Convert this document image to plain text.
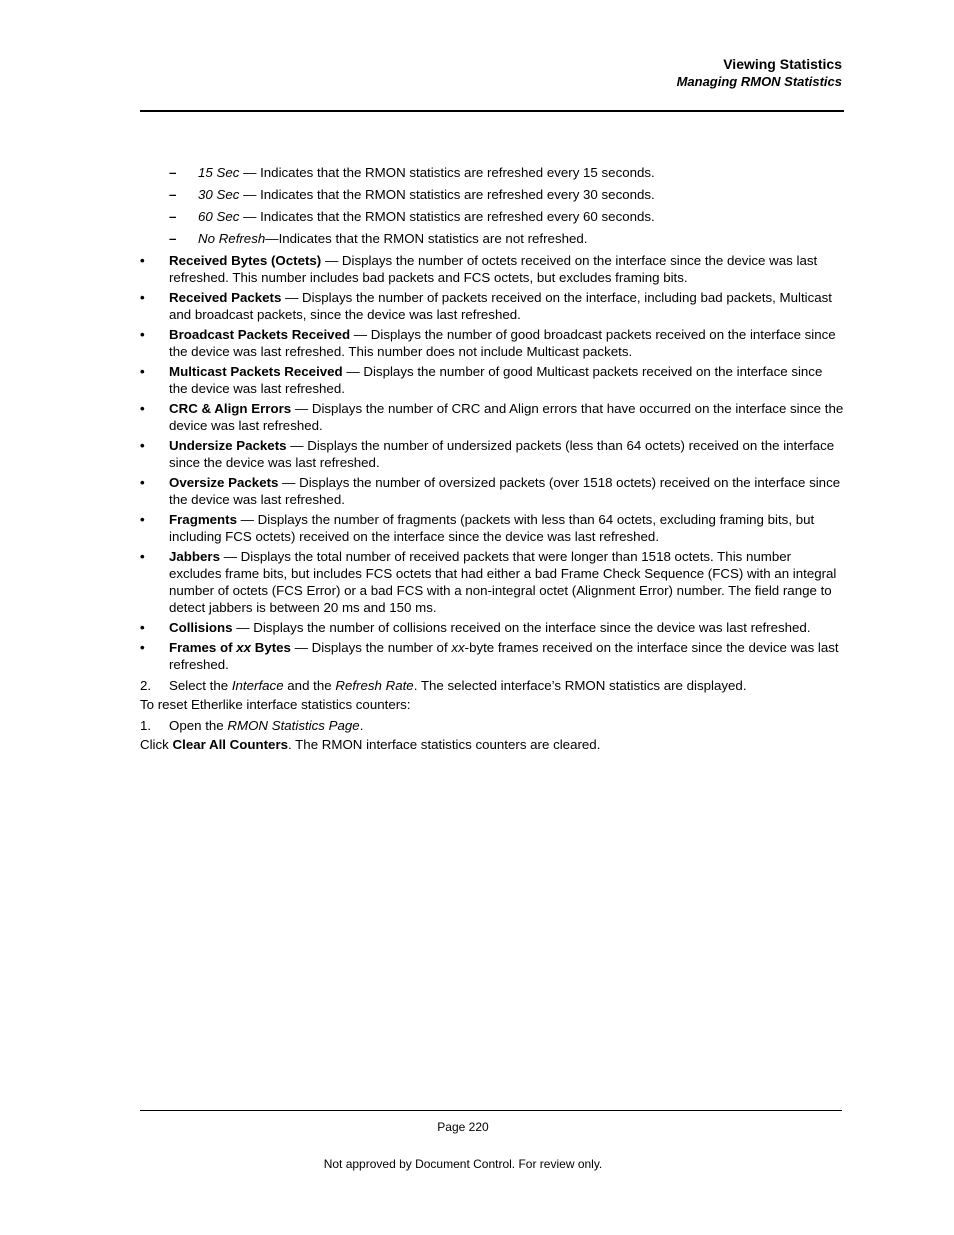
Viewing Statistics
Managing RMON Statistics
– 15 Sec — Indicates that the RMON statistics are refreshed every 15 seconds.
– 30 Sec — Indicates that the RMON statistics are refreshed every 30 seconds.
– 60 Sec — Indicates that the RMON statistics are refreshed every 60 seconds.
– No Refresh—Indicates that the RMON statistics are not refreshed.
• Received Bytes (Octets) — Displays the number of octets received on the interface since the device was last refreshed. This number includes bad packets and FCS octets, but excludes framing bits.
• Received Packets — Displays the number of packets received on the interface, including bad packets, Multicast and broadcast packets, since the device was last refreshed.
• Broadcast Packets Received — Displays the number of good broadcast packets received on the interface since the device was last refreshed. This number does not include Multicast packets.
• Multicast Packets Received — Displays the number of good Multicast packets received on the interface since the device was last refreshed.
• CRC & Align Errors — Displays the number of CRC and Align errors that have occurred on the interface since the device was last refreshed.
• Undersize Packets — Displays the number of undersized packets (less than 64 octets) received on the interface since the device was last refreshed.
• Oversize Packets — Displays the number of oversized packets (over 1518 octets) received on the interface since the device was last refreshed.
• Fragments — Displays the number of fragments (packets with less than 64 octets, excluding framing bits, but including FCS octets) received on the interface since the device was last refreshed.
• Jabbers — Displays the total number of received packets that were longer than 1518 octets. This number excludes frame bits, but includes FCS octets that had either a bad Frame Check Sequence (FCS) with an integral number of octets (FCS Error) or a bad FCS with a non-integral octet (Alignment Error) number. The field range to detect jabbers is between 20 ms and 150 ms.
• Collisions — Displays the number of collisions received on the interface since the device was last refreshed.
• Frames of xx Bytes — Displays the number of xx-byte frames received on the interface since the device was last refreshed.
2. Select the Interface and the Refresh Rate. The selected interface’s RMON statistics are displayed.
To reset Etherlike interface statistics counters:
1. Open the RMON Statistics Page.
Click Clear All Counters. The RMON interface statistics counters are cleared.
Page 220
Not approved by Document Control. For review only.
